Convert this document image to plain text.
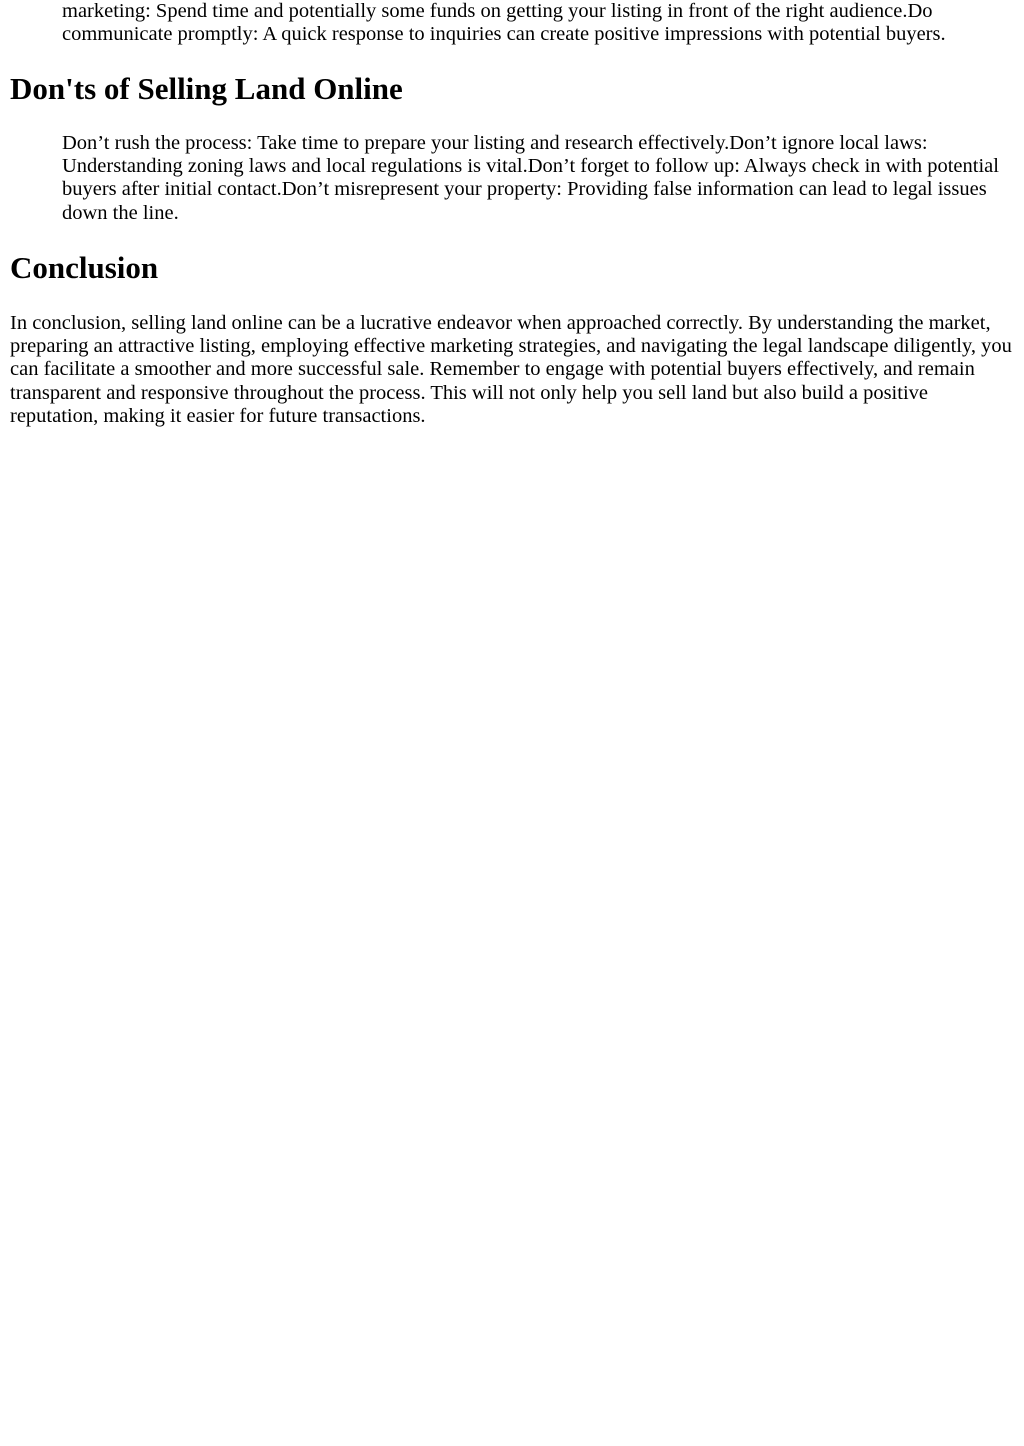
marketing: Spend time and potentially some funds on getting your listing in front of the right audience.Do communicate promptly: A quick response to inquiries can create positive impressions with potential buyers.
Don'ts of Selling Land Online
Don’t rush the process: Take time to prepare your listing and research effectively.Don’t ignore local laws: Understanding zoning laws and local regulations is vital.Don’t forget to follow up: Always check in with potential buyers after initial contact.Don’t misrepresent your property: Providing false information can lead to legal issues down the line.
Conclusion

In conclusion, selling land online can be a lucrative endeavor when approached correctly. By understanding the market, preparing an attractive listing, employing effective marketing strategies, and navigating the legal landscape diligently, you can facilitate a smoother and more successful sale. Remember to engage with potential buyers effectively, and remain transparent and responsive throughout the process. This will not only help you sell land but also build a positive reputation, making it easier for future transactions.
